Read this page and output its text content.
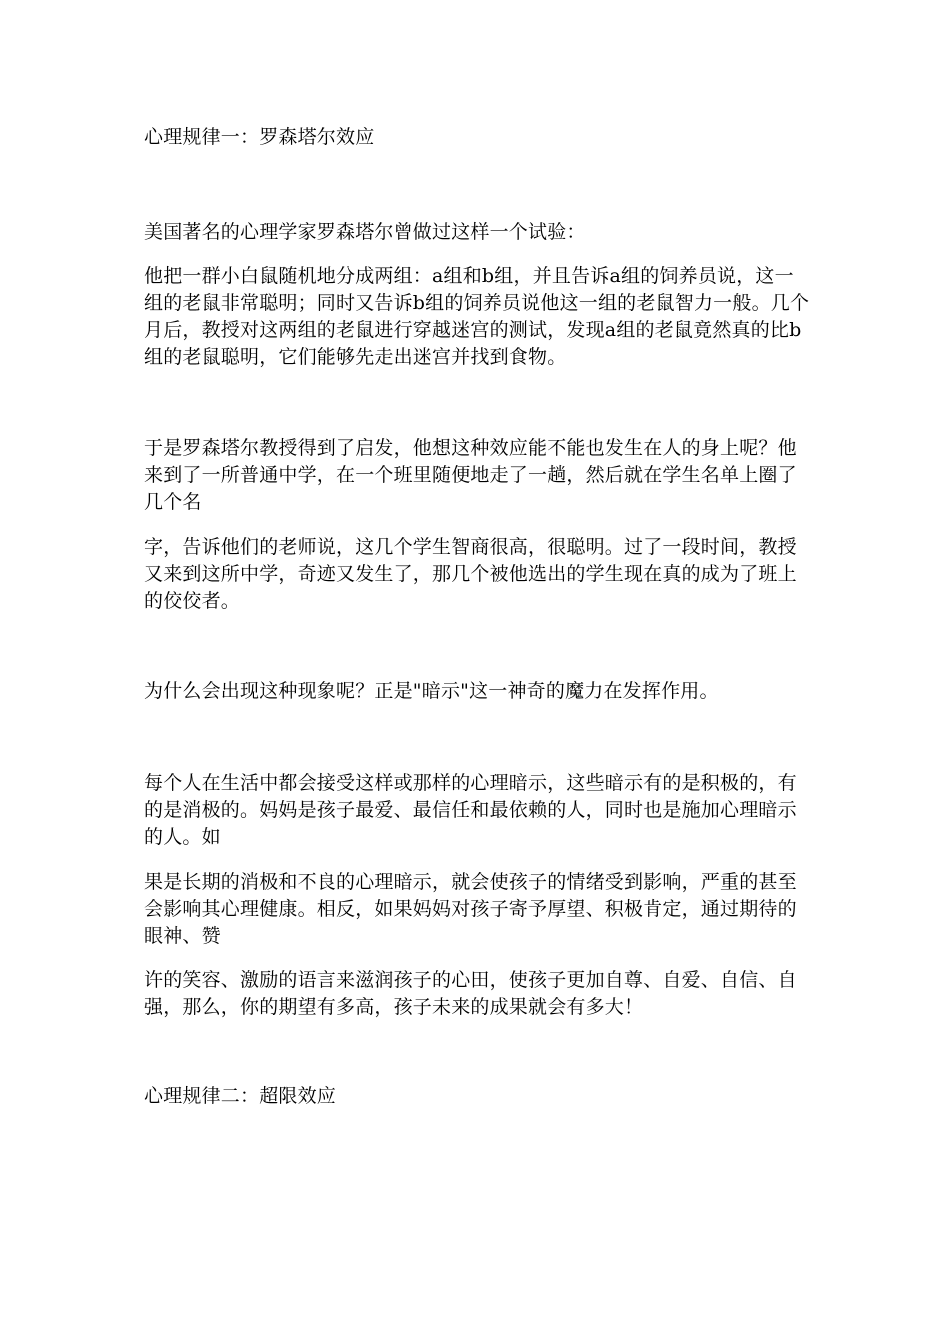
心理规律一：罗森塔尔效应

美国著名的心理学家罗森塔尔曾做过这样一个试验：

他把一群小白鼠随机地分成两组：a组和b组，并且告诉a组的饲养员说，这一组的老鼠非常聪明；同时又告诉b组的饲养员说他这一组的老鼠智力一般。几个月后，教授对这两组的老鼠进行穿越迷宫的测试，发现a组的老鼠竟然真的比b组的老鼠聪明，它们能够先走出迷宫并找到食物。

于是罗森塔尔教授得到了启发，他想这种效应能不能也发生在人的身上呢？他来到了一所普通中学，在一个班里随便地走了一趟，然后就在学生名单上圈了几个名

字，告诉他们的老师说，这几个学生智商很高，很聪明。过了一段时间，教授又来到这所中学，奇迹又发生了，那几个被他选出的学生现在真的成为了班上的佼佼者。

为什么会出现这种现象呢？正是"暗示"这一神奇的魔力在发挥作用。

每个人在生活中都会接受这样或那样的心理暗示，这些暗示有的是积极的，有的是消极的。妈妈是孩子最爱、最信任和最依赖的人，同时也是施加心理暗示的人。如

果是长期的消极和不良的心理暗示，就会使孩子的情绪受到影响，严重的甚至会影响其心理健康。相反，如果妈妈对孩子寄予厚望、积极肯定，通过期待的眼神、赞

许的笑容、激励的语言来滋润孩子的心田，使孩子更加自尊、自爱、自信、自强，那么，你的期望有多高，孩子未来的成果就会有多大！

心理规律二：超限效应
